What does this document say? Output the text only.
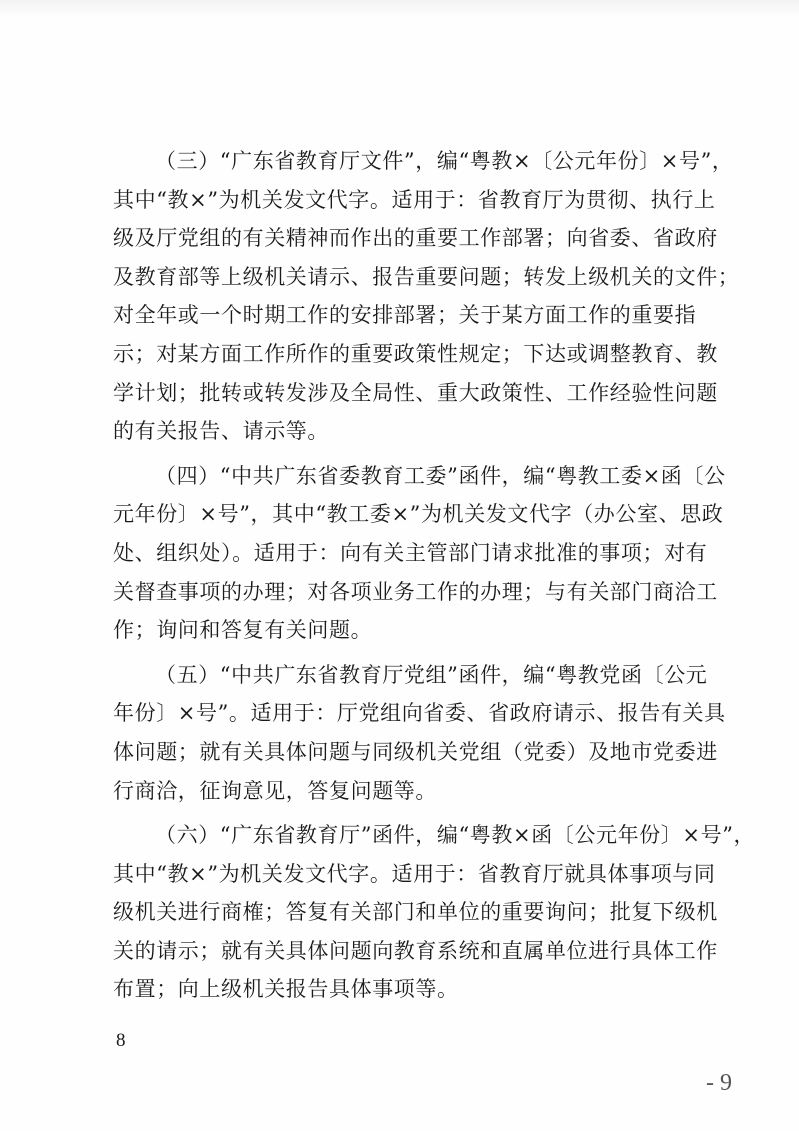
（三）“广东省教育厅文件”，编“粤教×〔公元年份〕×号”，
其中“教×”为机关发文代字。适用于：省教育厅为贯彻、执行上
级及厅党组的有关精神而作出的重要工作部署；向省委、省政府
及教育部等上级机关请示、报告重要问题；转发上级机关的文件；
对全年或一个时期工作的安排部署；关于某方面工作的重要指
示；对某方面工作所作的重要政策性规定；下达或调整教育、教
学计划；批转或转发涉及全局性、重大政策性、工作经验性问题
的有关报告、请示等。
（四）“中共广东省委教育工委”函件，编“粤教工委×函〔公
元年份〕×号”，其中“教工委×”为机关发文代字（办公室、思政
处、组织处）。适用于：向有关主管部门请求批准的事项；对有
关督查事项的办理；对各项业务工作的办理；与有关部门商洽工
作；询问和答复有关问题。
（五）“中共广东省教育厅党组”函件，编“粤教党函〔公元
年份〕×号”。适用于：厅党组向省委、省政府请示、报告有关具
体问题；就有关具体问题与同级机关党组（党委）及地市党委进
行商洽，征询意见，答复问题等。
（六）“广东省教育厅”函件，编“粤教×函〔公元年份〕×号”，
其中“教×”为机关发文代字。适用于：省教育厅就具体事项与同
级机关进行商榷；答复有关部门和单位的重要询问；批复下级机
关的请示；就有关具体问题向教育系统和直属单位进行具体工作
布置；向上级机关报告具体事项等。
8
- 9
